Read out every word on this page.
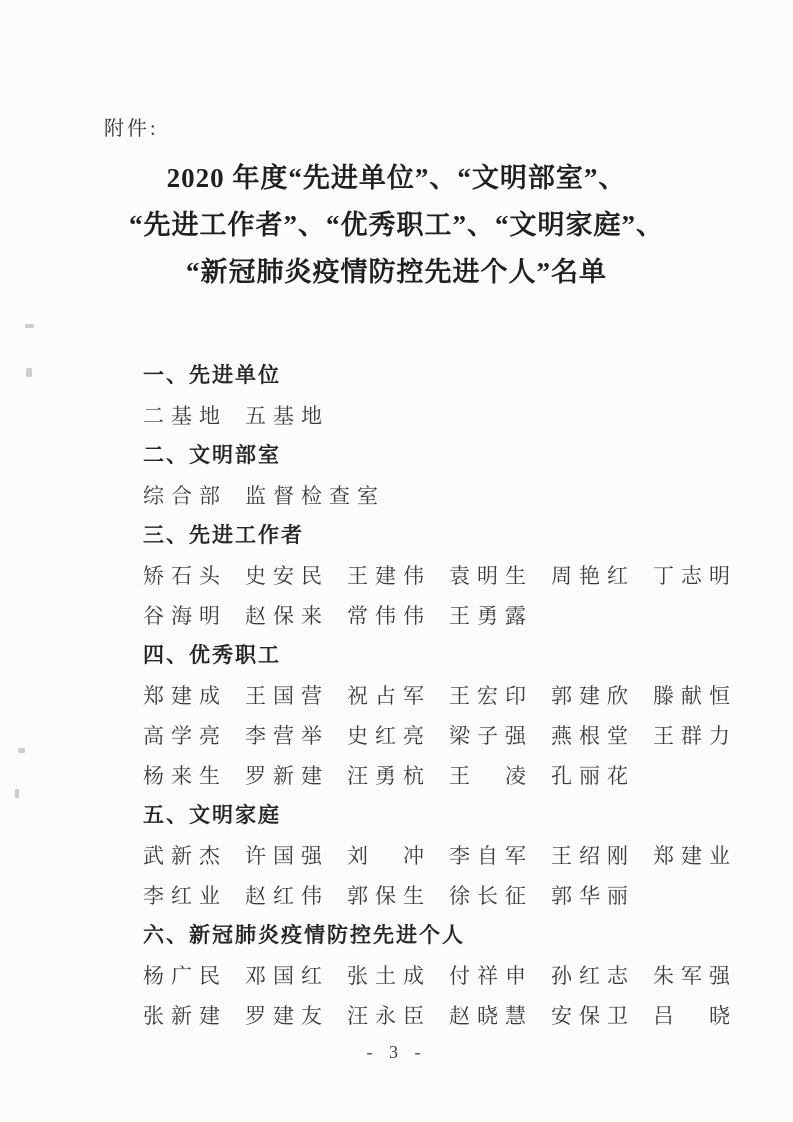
附件:
2020 年度“先进单位”、“文明部室”、
“先进工作者”、“优秀职工”、“文明家庭”、
“新冠肺炎疫情防控先进个人”名单
一、先进单位
二基地 五基地
二、文明部室
综合部 监督检查室
三、先进工作者
矫石头 史安民 王建伟 袁明生 周艳红 丁志明
谷海明 赵保来 常伟伟 王勇露
四、优秀职工
郑建成 王国营 祝占军 王宏印 郭建欣 滕献恒
高学亮 李营举 史红亮 梁子强 燕根堂 王群力
杨来生 罗新建 汪勇杭 王　凌 孔丽花
五、文明家庭
武新杰 许国强 刘　冲 李自军 王绍刚 郑建业
李红业 赵红伟 郭保生 徐长征 郭华丽
六、新冠肺炎疫情防控先进个人
杨广民 邓国红 张土成 付祥申 孙红志 朱军强
张新建 罗建友 汪永臣 赵晓慧 安保卫 吕　晓
- 3 -
